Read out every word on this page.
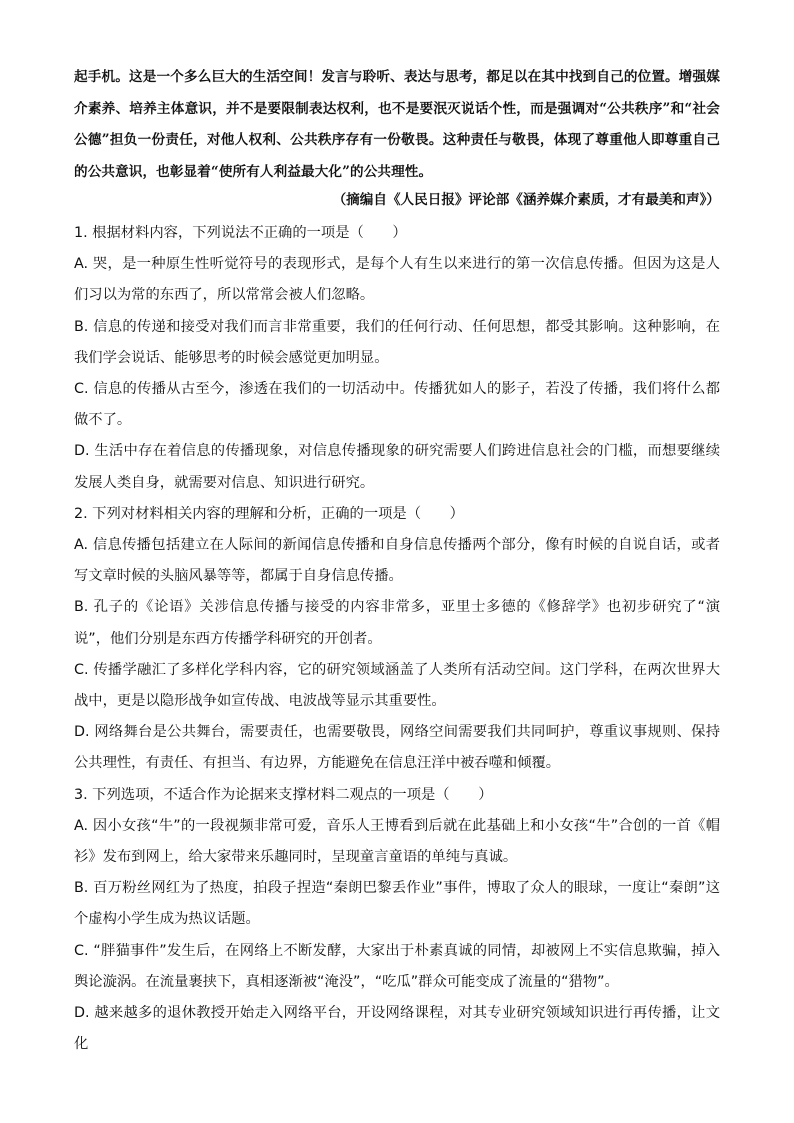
起手机。这是一个多么巨大的生活空间！发言与聆听、表达与思考，都足以在其中找到自己的位置。增强媒介素养、培养主体意识，并不是要限制表达权利，也不是要泯灭说话个性，而是强调对“公共秩序”和“社会公德”担负一份责任，对他人权利、公共秩序存有一份敬畏。这种责任与敬畏，体现了尊重他人即尊重自己的公共意识，也彰显着“使所有人利益最大化”的公共理性。
（摘编自《人民日报》评论部《涵养媒介素质，才有最美和声》）

1. 根据材料内容，下列说法不正确的一项是（　　）

A. 哭，是一种原生性听觉符号的表现形式，是每个人有生以来进行的第一次信息传播。但因为这是人们习以为常的东西了，所以常常会被人们忽略。

B. 信息的传递和接受对我们而言非常重要，我们的任何行动、任何思想，都受其影响。这种影响，在我们学会说话、能够思考的时候会感觉更加明显。

C. 信息的传播从古至今，渗透在我们的一切活动中。传播犹如人的影子，若没了传播，我们将什么都做不了。

D. 生活中存在着信息的传播现象，对信息传播现象的研究需要人们跨进信息社会的门槛，而想要继续发展人类自身，就需要对信息、知识进行研究。

2. 下列对材料相关内容的理解和分析，正确的一项是（　　）

A. 信息传播包括建立在人际间的新闻信息传播和自身信息传播两个部分，像有时候的自说自话，或者写文章时候的头脑风暴等等，都属于自身信息传播。

B. 孔子的《论语》关涉信息传播与接受的内容非常多，亚里士多德的《修辞学》也初步研究了“演说”，他们分别是东西方传播学科研究的开创者。

C. 传播学融汇了多样化学科内容，它的研究领域涵盖了人类所有活动空间。这门学科，在两次世界大战中，更是以隐形战争如宣传战、电波战等显示其重要性。

D. 网络舞台是公共舞台，需要责任，也需要敬畏，网络空间需要我们共同呵护，尊重议事规则、保持公共理性，有责任、有担当、有边界，方能避免在信息汪洋中被吞噬和倾覆。

3. 下列选项，不适合作为论据来支撑材料二观点的一项是（　　）

A. 因小女孩“牛”的一段视频非常可爱，音乐人王博看到后就在此基础上和小女孩“牛”合创的一首《帽衫》发布到网上，给大家带来乐趣同时，呈现童言童语的单纯与真诚。

B. 百万粉丝网红为了热度，拍段子捏造“秦朗巴黎丢作业”事件，博取了众人的眼球，一度让“秦朗”这个虚构小学生成为热议话题。

C. “胖猫事件”发生后，在网络上不断发酵，大家出于朴素真诚的同情，却被网上不实信息欺骗，掉入舆论漩涡。在流量裹挟下，真相逐渐被“淹没”，“吃瓜”群众可能变成了流量的“猎物”。

D. 越来越多的退休教授开始走入网络平台，开设网络课程，对其专业研究领域知识进行再传播，让文化
